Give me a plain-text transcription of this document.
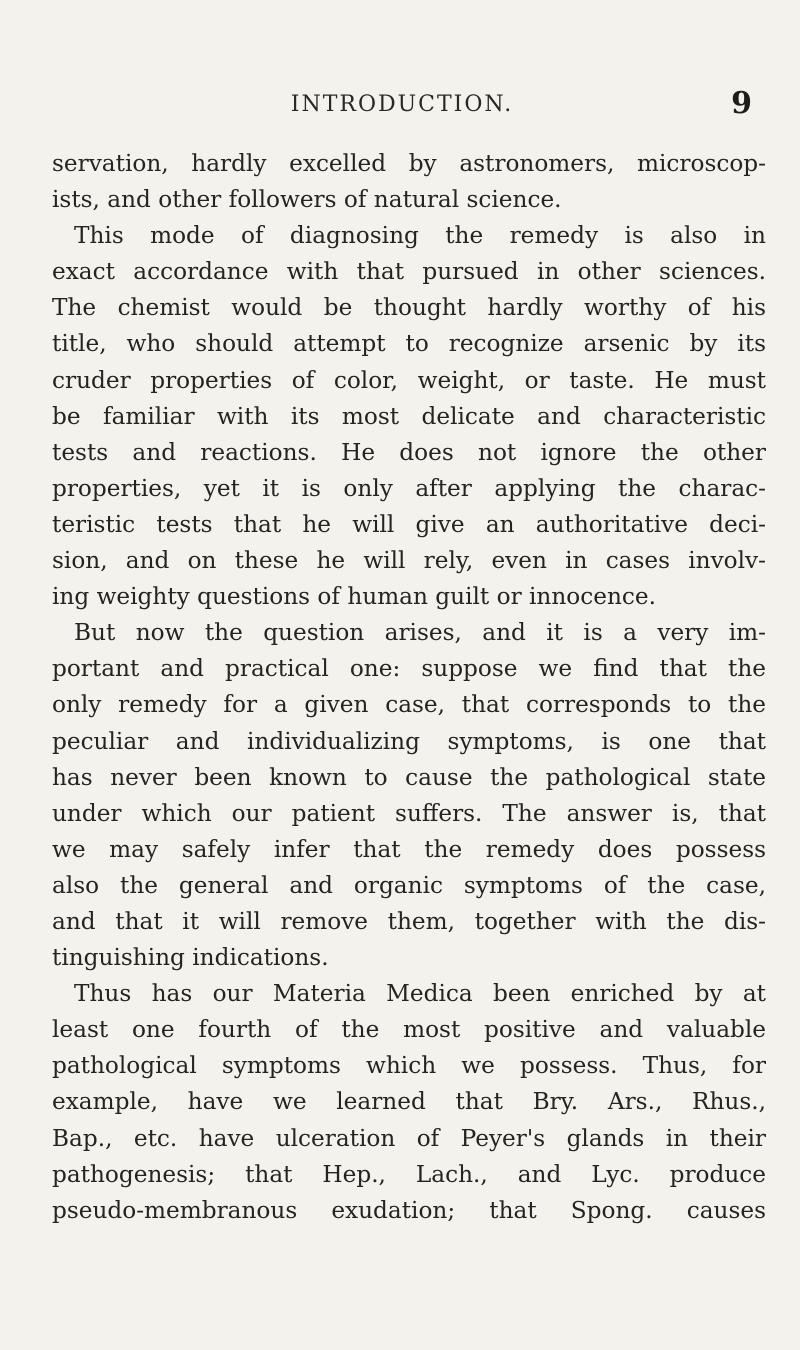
INTRODUCTION.	9
servation, hardly excelled by astronomers, microscop-
ists, and other followers of natural science.
This mode of diagnosing the remedy is also in
exact accordance with that pursued in other sciences.
The chemist would be thought hardly worthy of his
title, who should attempt to recognize arsenic by its
cruder properties of color, weight, or taste. He must
be familiar with its most delicate and characteristic
tests and reactions. He does not ignore the other
properties, yet it is only after applying the charac-
teristic tests that he will give an authoritative deci-
sion, and on these he will rely, even in cases involv-
ing weighty questions of human guilt or innocence.
But now the question arises, and it is a very im-
portant and practical one: suppose we find that the
only remedy for a given case, that corresponds to the
peculiar and individualizing symptoms, is one that
has never been known to cause the pathological state
under which our patient suffers. The answer is, that
we may safely infer that the remedy does possess
also the general and organic symptoms of the case,
and that it will remove them, together with the dis-
tinguishing indications.
Thus has our Materia Medica been enriched by at
least one fourth of the most positive and valuable
pathological symptoms which we possess. Thus, for
example, have we learned that Bry. Ars., Rhus.,
Bap., etc. have ulceration of Peyer's glands in their
pathogenesis; that Hep., Lach., and Lyc. produce
pseudo-membranous exudation; that Spong. causes
